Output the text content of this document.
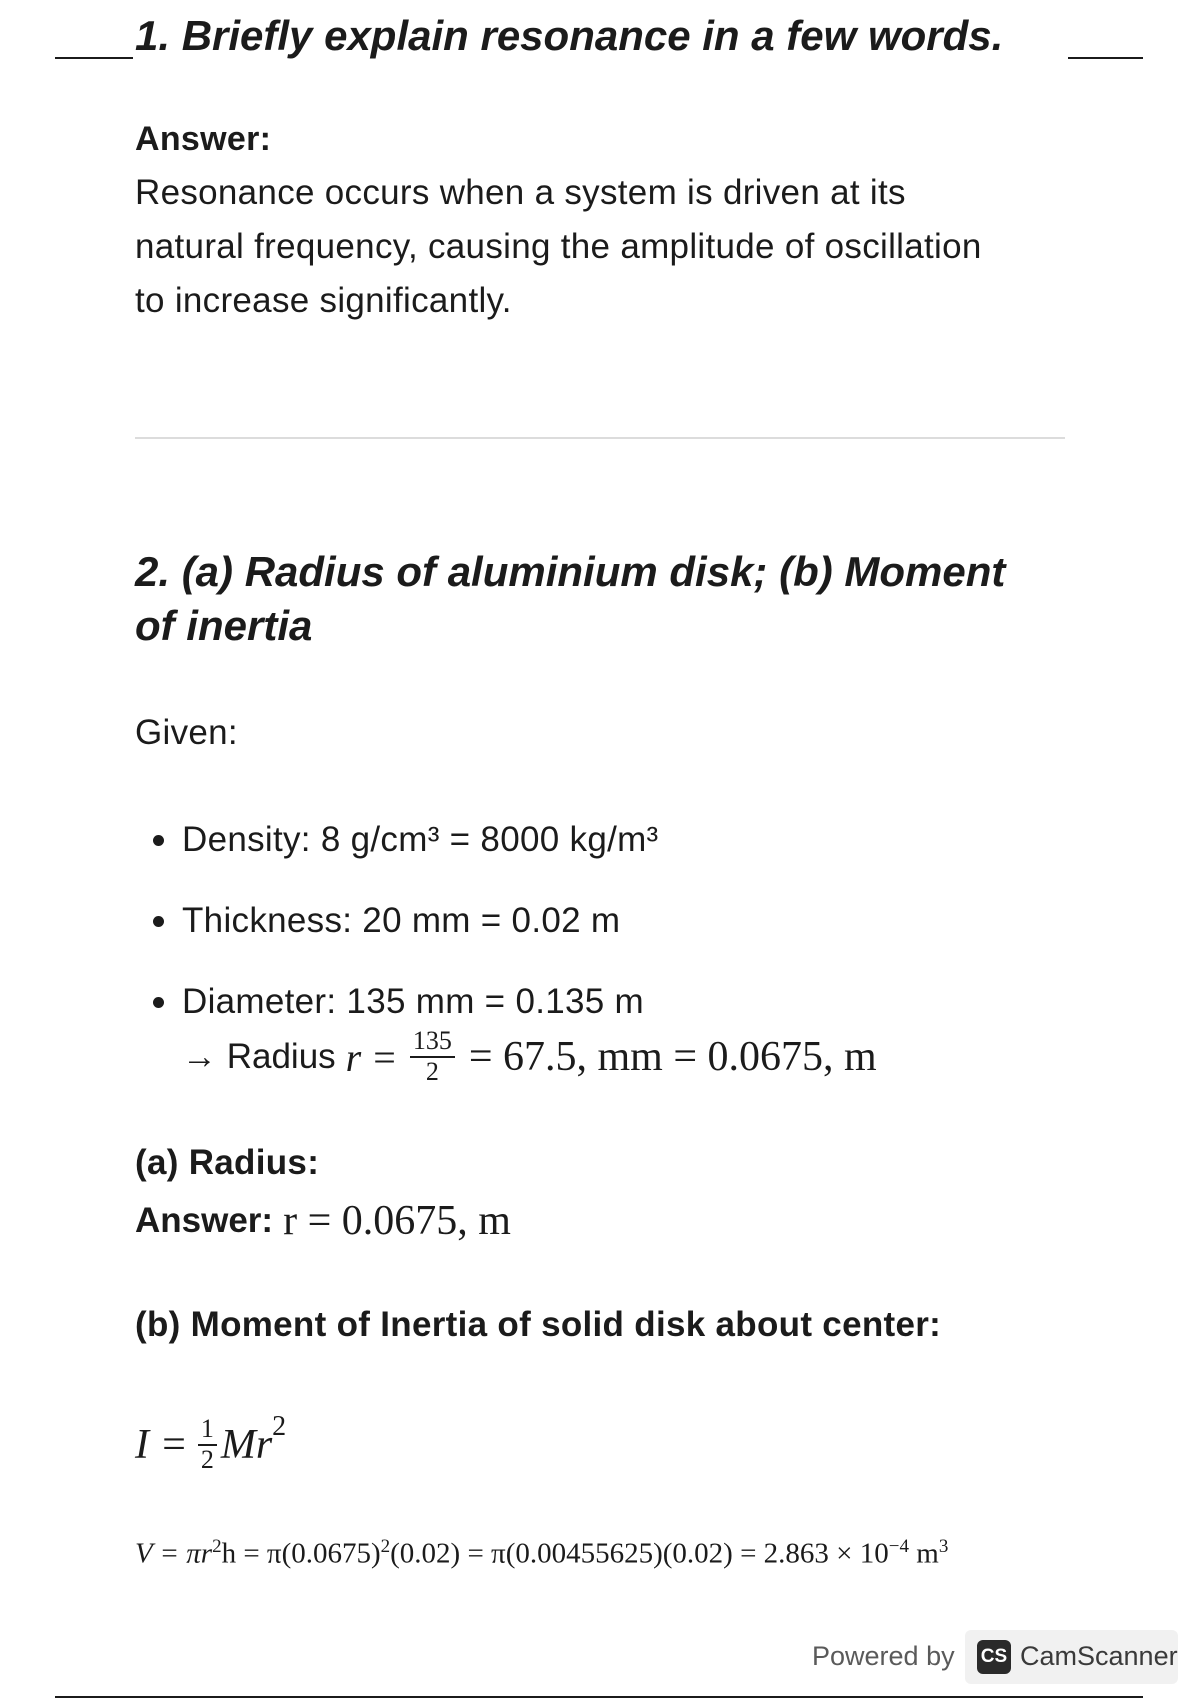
1. Briefly explain resonance in a few words.
Answer:
Resonance occurs when a system is driven at its
natural frequency, causing the amplitude of oscillation
to increase significantly.
2. (a) Radius of aluminium disk; (b) Moment
of inertia
Given:
Density: 8 g/cm³ = 8000 kg/m³
Thickness: 20 mm = 0.02 m
Diameter: 135 mm = 0.135 m
→ Radius $r = \frac{135}{2} = 67.5$, mm = 0.0675, m
(a) Radius:
Answer: r = 0.0675, m
(b) Moment of Inertia of solid disk about center:
$I = \frac{1}{2}$ Mr 2
$V = \pi r^2h = \pi(0.0675)^2(0.02) = \pi(0.00455625)(0.02) = 2.863 \times 10^{-4}$ $m^3$
Powered by CS CamScanner
